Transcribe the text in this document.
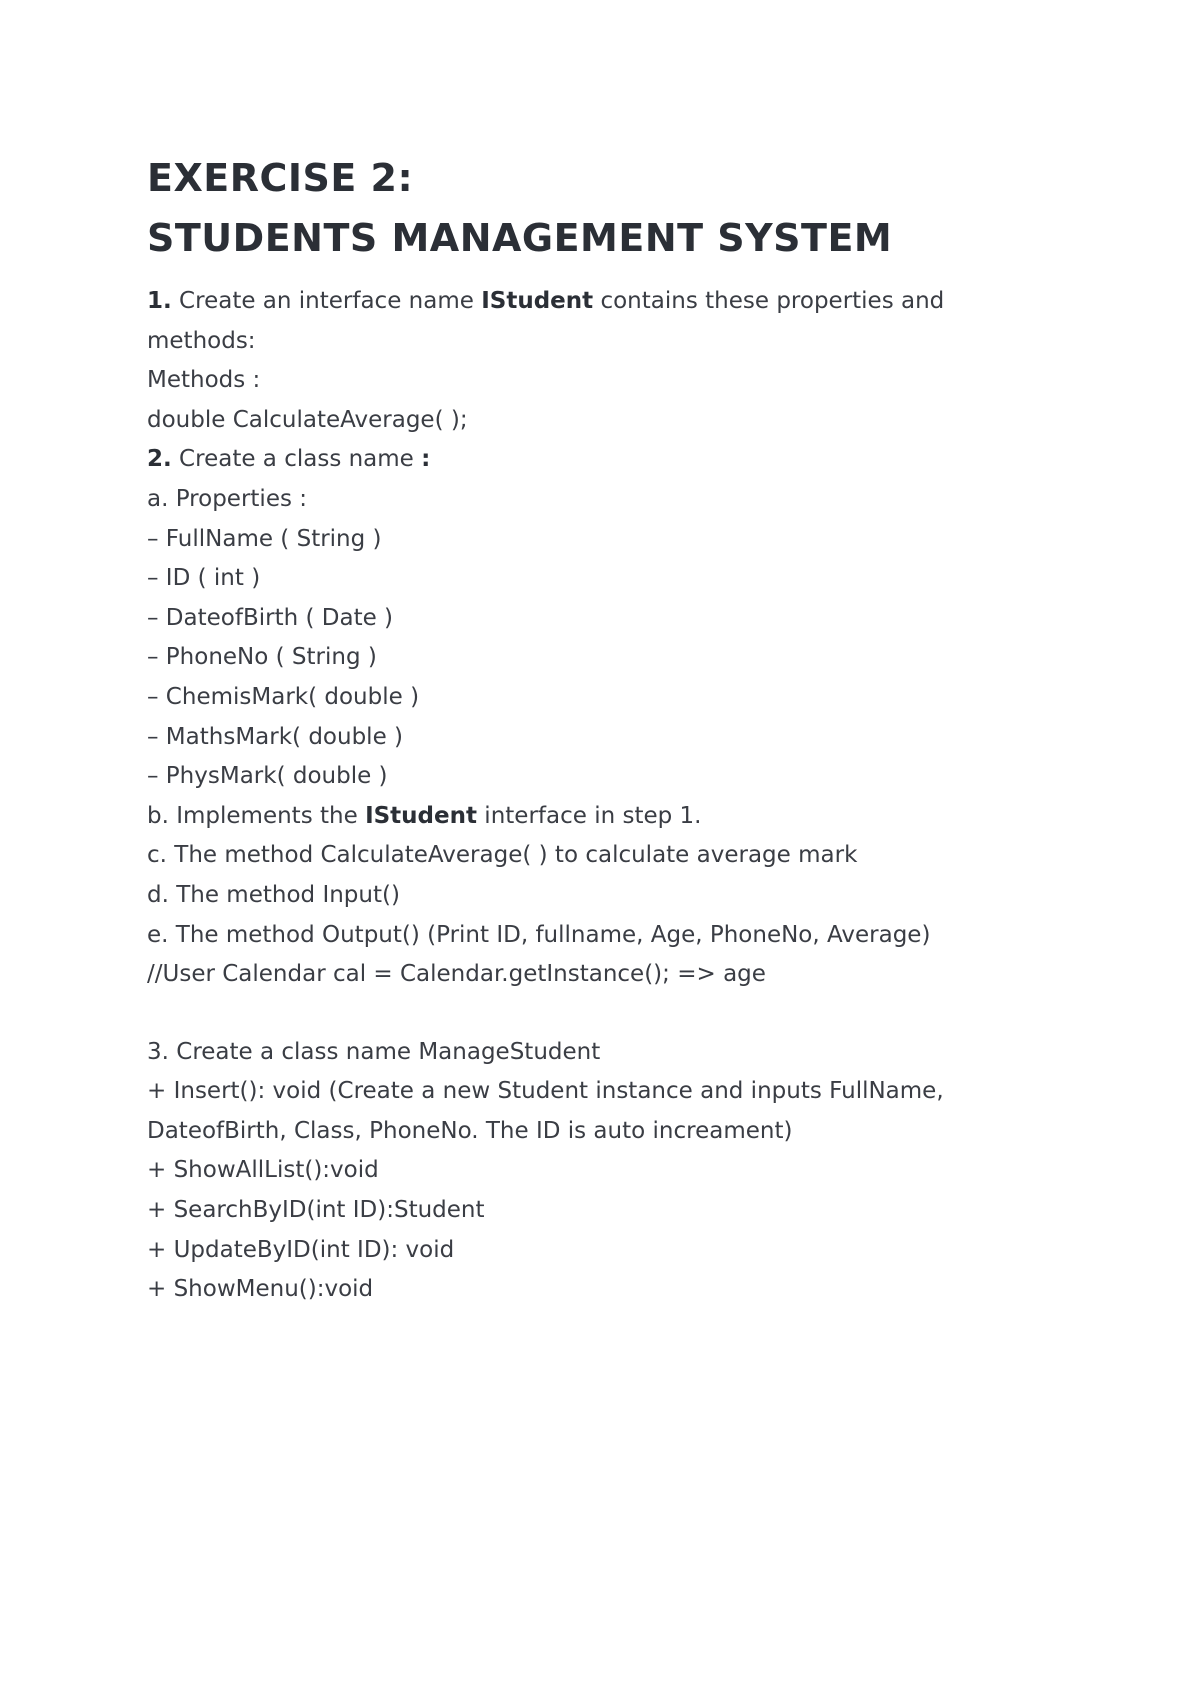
EXERCISE 2:
STUDENTS MANAGEMENT SYSTEM
1. Create an interface name IStudent contains these properties and
methods:
Methods :
double CalculateAverage( );
2. Create a class name :
a. Properties :
– FullName ( String )
– ID ( int )
– DateofBirth ( Date )
– PhoneNo ( String )
– ChemisMark( double )
– MathsMark( double )
– PhysMark( double )
b. Implements the IStudent interface in step 1.
c. The method CalculateAverage( ) to calculate average mark
d. The method Input()
e. The method Output() (Print ID, fullname, Age, PhoneNo, Average)
//User Calendar cal = Calendar.getInstance(); => age
3. Create a class name ManageStudent
+ Insert(): void (Create a new Student instance and inputs FullName,
DateofBirth, Class, PhoneNo. The ID is auto increament)
+ ShowAllList():void
+ SearchByID(int ID):Student
+ UpdateByID(int ID): void
+ ShowMenu():void
